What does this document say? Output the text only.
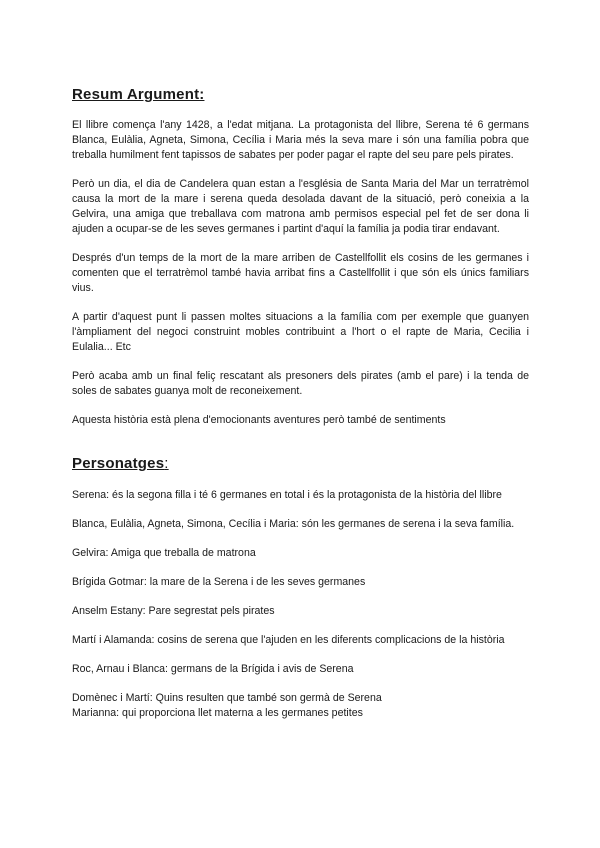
Resum Argument:

El llibre comença l'any 1428, a l'edat mitjana. La protagonista del llibre, Serena té 6 germans Blanca, Eulàlia, Agneta, Simona, Cecília i Maria més la seva mare i són una família pobra que treballa humilment fent tapissos de sabates per poder pagar el rapte del seu pare pels pirates.

Però un dia, el dia de Candelera quan estan a l'església de Santa Maria del Mar un terratrèmol causa la mort de la mare i serena queda desolada davant de la situació, però coneixia a la Gelvira, una amiga que treballava com matrona amb permisos especial pel fet de ser dona li ajuden a ocupar-se de les seves germanes i partint d'aquí la família ja podia tirar endavant.

Després d'un temps de la mort de la mare arriben de Castellfollit els cosins de les germanes i comenten que el terratrèmol també havia arribat fins a Castellfollit i que són els únics familiars vius.

A partir d'aquest punt li passen moltes situacions a la família com per exemple que guanyen l'àmpliament del negoci construint mobles contribuint a l'hort o el rapte de Maria, Cecilia i Eulalia... Etc

Però acaba amb un final feliç rescatant als presoners dels pirates (amb el pare) i la tenda de soles de sabates guanya molt de reconeixement.

Aquesta història està plena d'emocionants aventures però també de sentiments

Personatges:

Serena: és la segona filla i té 6 germanes en total i és la protagonista de la història del llibre

Blanca, Eulàlia, Agneta, Simona, Cecília i Maria: són les germanes de serena i la seva família.

Gelvira: Amiga que treballa de matrona

Brígida Gotmar: la mare de la Serena i de les seves germanes

Anselm Estany: Pare segrestat pels pirates

Martí i Alamanda: cosins de serena que l'ajuden en les diferents complicacions de la història

Roc, Arnau i Blanca: germans de la Brígida i avis de Serena

Domènec i Martí: Quins resulten que també son germà de Serena

Marianna: qui proporciona llet materna a les germanes petites
